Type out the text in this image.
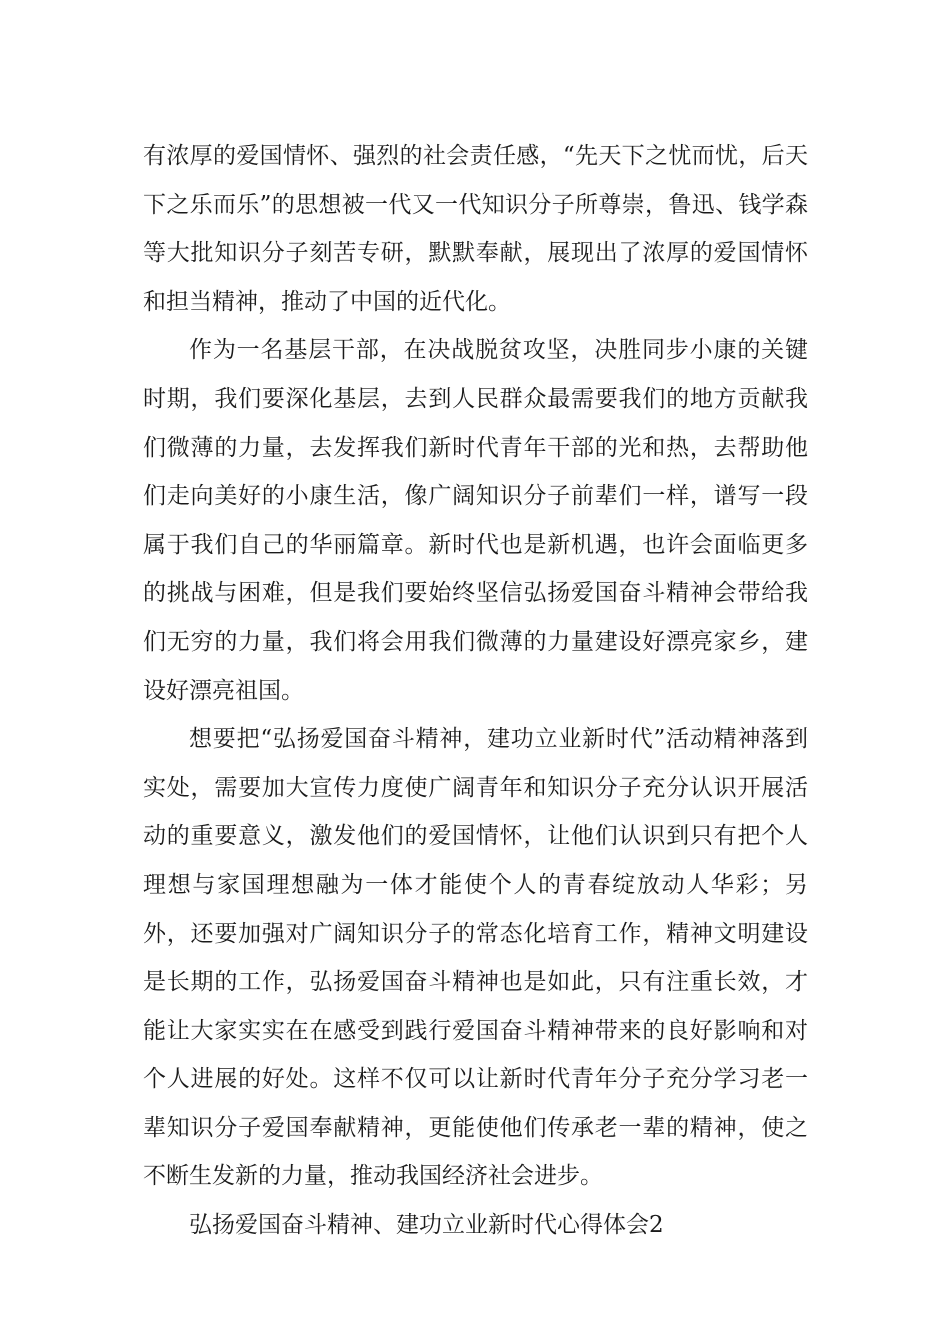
有浓厚的爱国情怀、强烈的社会责任感，“先天下之忧而忧，后天下之乐而乐”的思想被一代又一代知识分子所尊崇，鲁迅、钱学森等大批知识分子刻苦专研，默默奉献，展现出了浓厚的爱国情怀和担当精神，推动了中国的近代化。

作为一名基层干部，在决战脱贫攻坚，决胜同步小康的关键时期，我们要深化基层，去到人民群众最需要我们的地方贡献我们微薄的力量，去发挥我们新时代青年干部的光和热，去帮助他们走向美好的小康生活，像广阔知识分子前辈们一样，谱写一段属于我们自己的华丽篇章。新时代也是新机遇，也许会面临更多的挑战与困难，但是我们要始终坚信弘扬爱国奋斗精神会带给我们无穷的力量，我们将会用我们微薄的力量建设好漂亮家乡，建设好漂亮祖国。

想要把“弘扬爱国奋斗精神，建功立业新时代”活动精神落到实处，需要加大宣传力度使广阔青年和知识分子充分认识开展活动的重要意义，激发他们的爱国情怀，让他们认识到只有把个人理想与家国理想融为一体才能使个人的青春绽放动人华彩；另外，还要加强对广阔知识分子的常态化培育工作，精神文明建设是长期的工作，弘扬爱国奋斗精神也是如此，只有注重长效，才能让大家实实在在感受到践行爱国奋斗精神带来的良好影响和对个人进展的好处。这样不仅可以让新时代青年分子充分学习老一辈知识分子爱国奉献精神，更能使他们传承老一辈的精神，使之不断生发新的力量，推动我国经济社会进步。

弘扬爱国奋斗精神、建功立业新时代心得体会2
